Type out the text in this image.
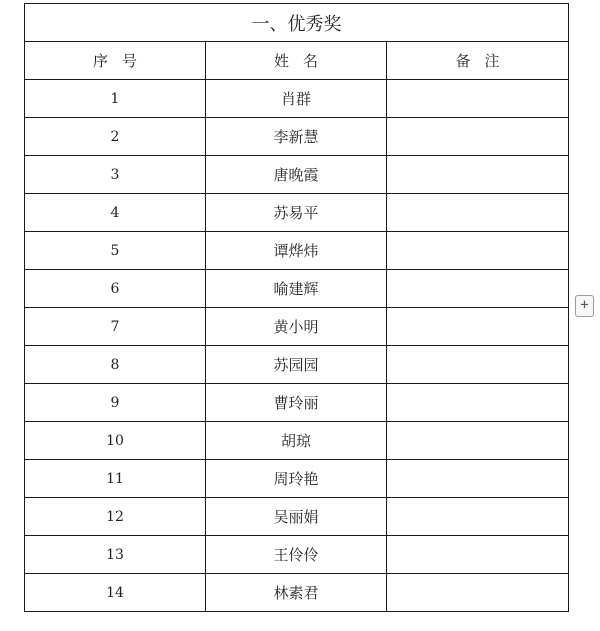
一、优秀奖		
序号	姓名	备注
1	肖群	
2	李新慧	
3	唐晚霞	
4	苏易平	
5	谭烨炜	
6	喻建辉	
7	黄小明	
8	苏园园	
9	曹玲丽	
10	胡琼	
11	周玲艳	
12	吴丽娟	
13	王伶伶	
14	林素君	
+
